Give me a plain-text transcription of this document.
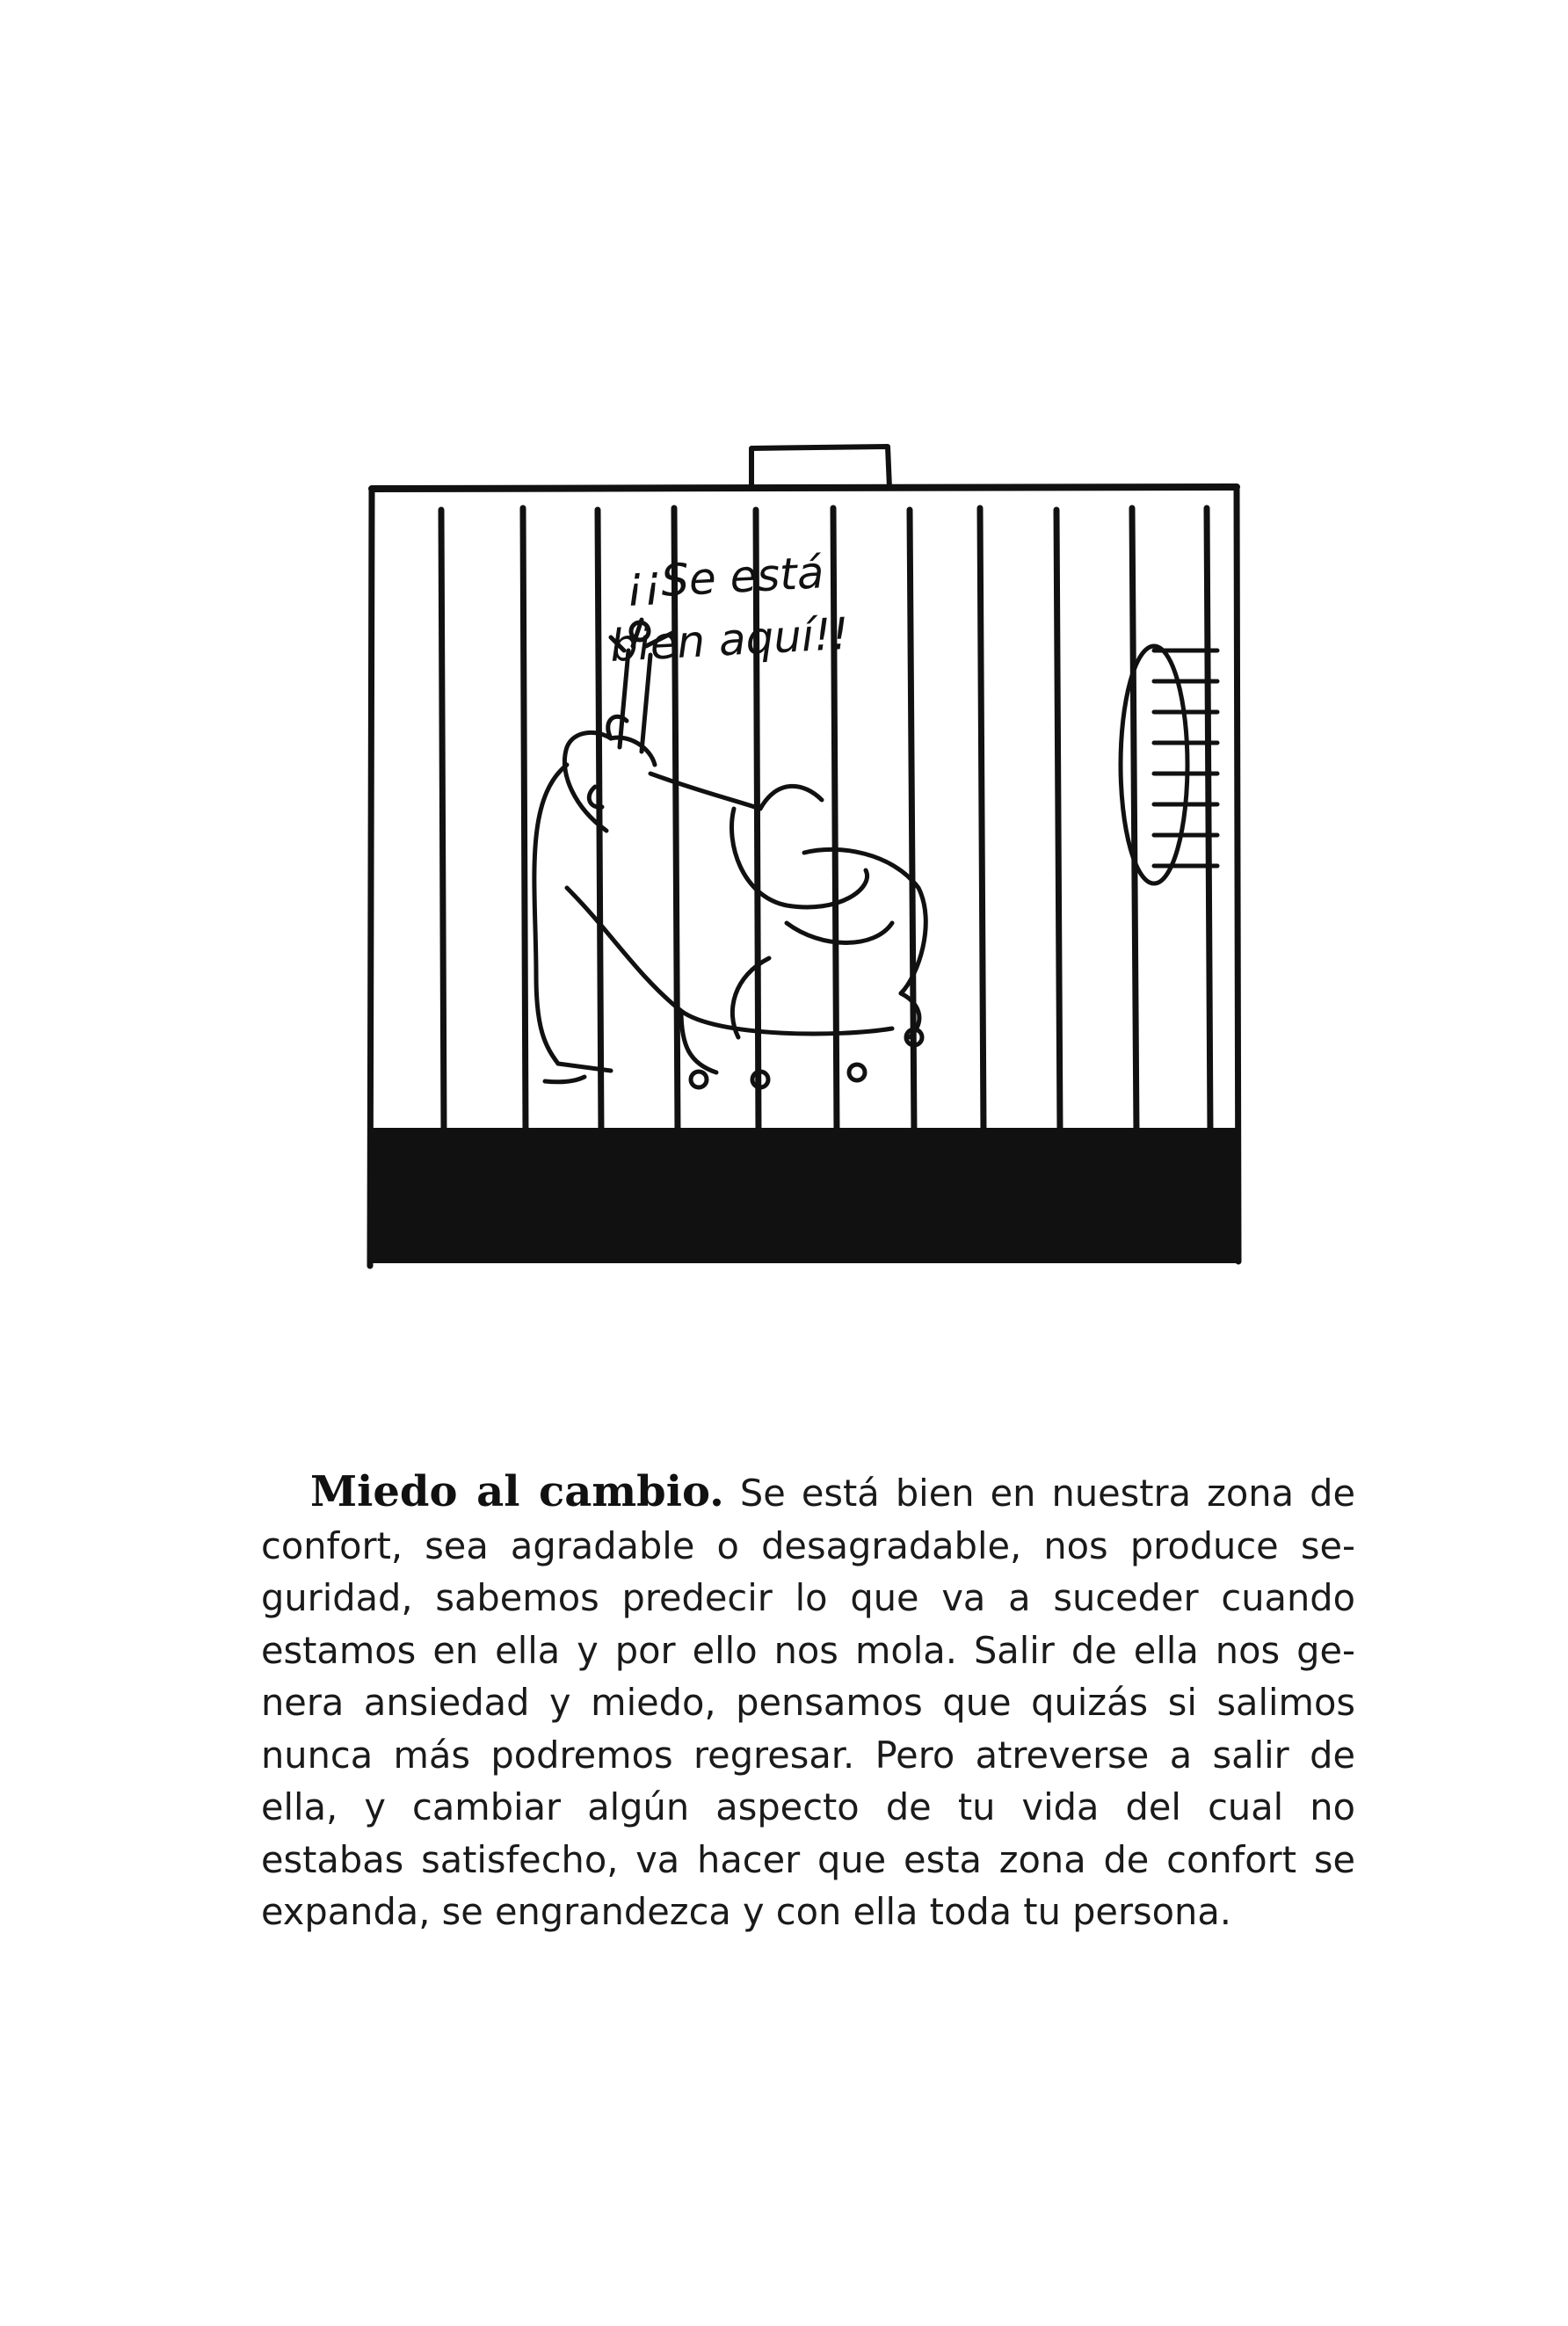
¡¡Se está
bien aquí!!

Miedo al cambio. Se está bien en nuestra zona de confort, sea agradable o desagradable, nos produce seguridad, sabemos predecir lo que va a suceder cuando estamos en ella y por ello nos mola. Salir de ella nos genera ansiedad y miedo, pensamos que quizás si salimos nunca más podremos regresar. Pero atreverse a salir de ella, y cambiar algún aspecto de tu vida del cual no estabas satisfecho, va hacer que esta zona de confort se expanda, se engrandezca y con ella toda tu persona.
